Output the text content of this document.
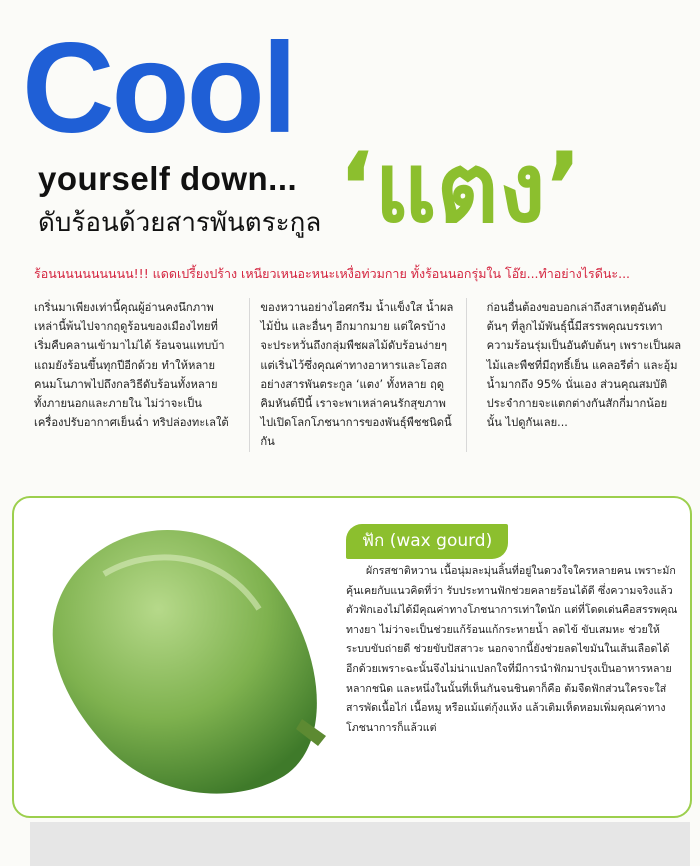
Cool
yourself down...
ดับร้อนด้วยสารพันตระกูล ‘แตง’
ร้อนนนนนนนนนน!!! แดดเปรี้ยงปร้าง เหนียวเหนอะหนะเหงื่อท่วมกาย ทั้งร้อนนอกรุ่มใน โอ๊ย...ทำอย่างไรดีนะ...
เกริ่นมาเพียงเท่านี้คุณผู้อ่านคงนึกภาพเหล่านี้พ้นไปจากฤดูร้อนของเมืองไทยที่เริ่มคืบคลานเข้ามาไม่ได้ ร้อนจนแทบบ้า แถมยังร้อนขึ้นทุกปีอีกด้วย ทำให้หลายคนมโนภาพไปถึงกลวิธีดับร้อนทั้งหลายทั้งภายนอกและภายใน ไม่ว่าจะเป็นเครื่องปรับอากาศเย็นฉ่ำ ทริปล่องทะเลใต้
ของหวานอย่างไอศกรีม น้ำแข็งใส น้ำผลไม้ปั่น และอื่นๆ อีกมากมาย แต่ใครบ้างจะประหวั่นถึงกลุ่มพืชผลไม้ดับร้อนง่ายๆ แต่เริ่นไว้ซึ่งคุณค่าทางอาหารและโอสถ อย่างสารพันตระกูล ‘แตง’ ทั้งหลาย ฤดูคิมหันต์ปีนี้ เราจะพาเหล่าคนรักสุขภาพไปเปิดโลกโภชนาการของพันธุ์พืชชนิดนี้กัน
ก่อนอื่นต้องขอบอกเล่าถึงสาเหตุอันดับต้นๆ ที่ลูกไม้พันธุ์นี้มีสรรพคุณบรรเทาความร้อนรุ่มเป็นอันดับต้นๆ เพราะเป็นผลไม้และพืชที่มีฤทธิ์เย็น แคลอรีต่ำ และอุ้มน้ำมากถึง 95% นั่นเอง ส่วนคุณสมบัติประจำกายจะแตกต่างกันสักกี่มากน้อยนั้น ไปดูกันเลย...
ฟัก (wax gourd)
ผักรสชาติหวาน เนื้อนุ่มละมุ่นลิ้นที่อยู่ในดวงใจใครหลายคน เพราะมักคุ้นเคยกับแนวคิดที่ว่า รับประทานฟักช่วยคลายร้อนได้ดี ซึ่งความจริงแล้วตัวฟักเองไม่ได้มีคุณค่าทางโภชนาการเท่าใดนัก แต่ที่โดดเด่นคือสรรพคุณทางยา ไม่ว่าจะเป็นช่วยแก้ร้อนแก้กระหายน้ำ ลดไข้ ขับเสมหะ ช่วยให้ระบบขับถ่ายดี ช่วยขับปัสสาวะ นอกจากนี้ยังช่วยลดไขมันในเส้นเลือดได้อีกด้วยเพราะฉะนั้นจึงไม่น่าแปลกใจที่มีการนำฟักมาปรุงเป็นอาหารหลายหลากชนิด และหนึ่งในนั้นที่เห็นกันจนชินตาก็คือ ต้มจืดฟักส่วนใครจะใส่สารพัดเนื้อไก่ เนื้อหมู หรือแม้แต่กุ้งแห้ง แล้วเติมเห็ดหอมเพิ่มคุณค่าทางโภชนาการก็แล้วแต่
